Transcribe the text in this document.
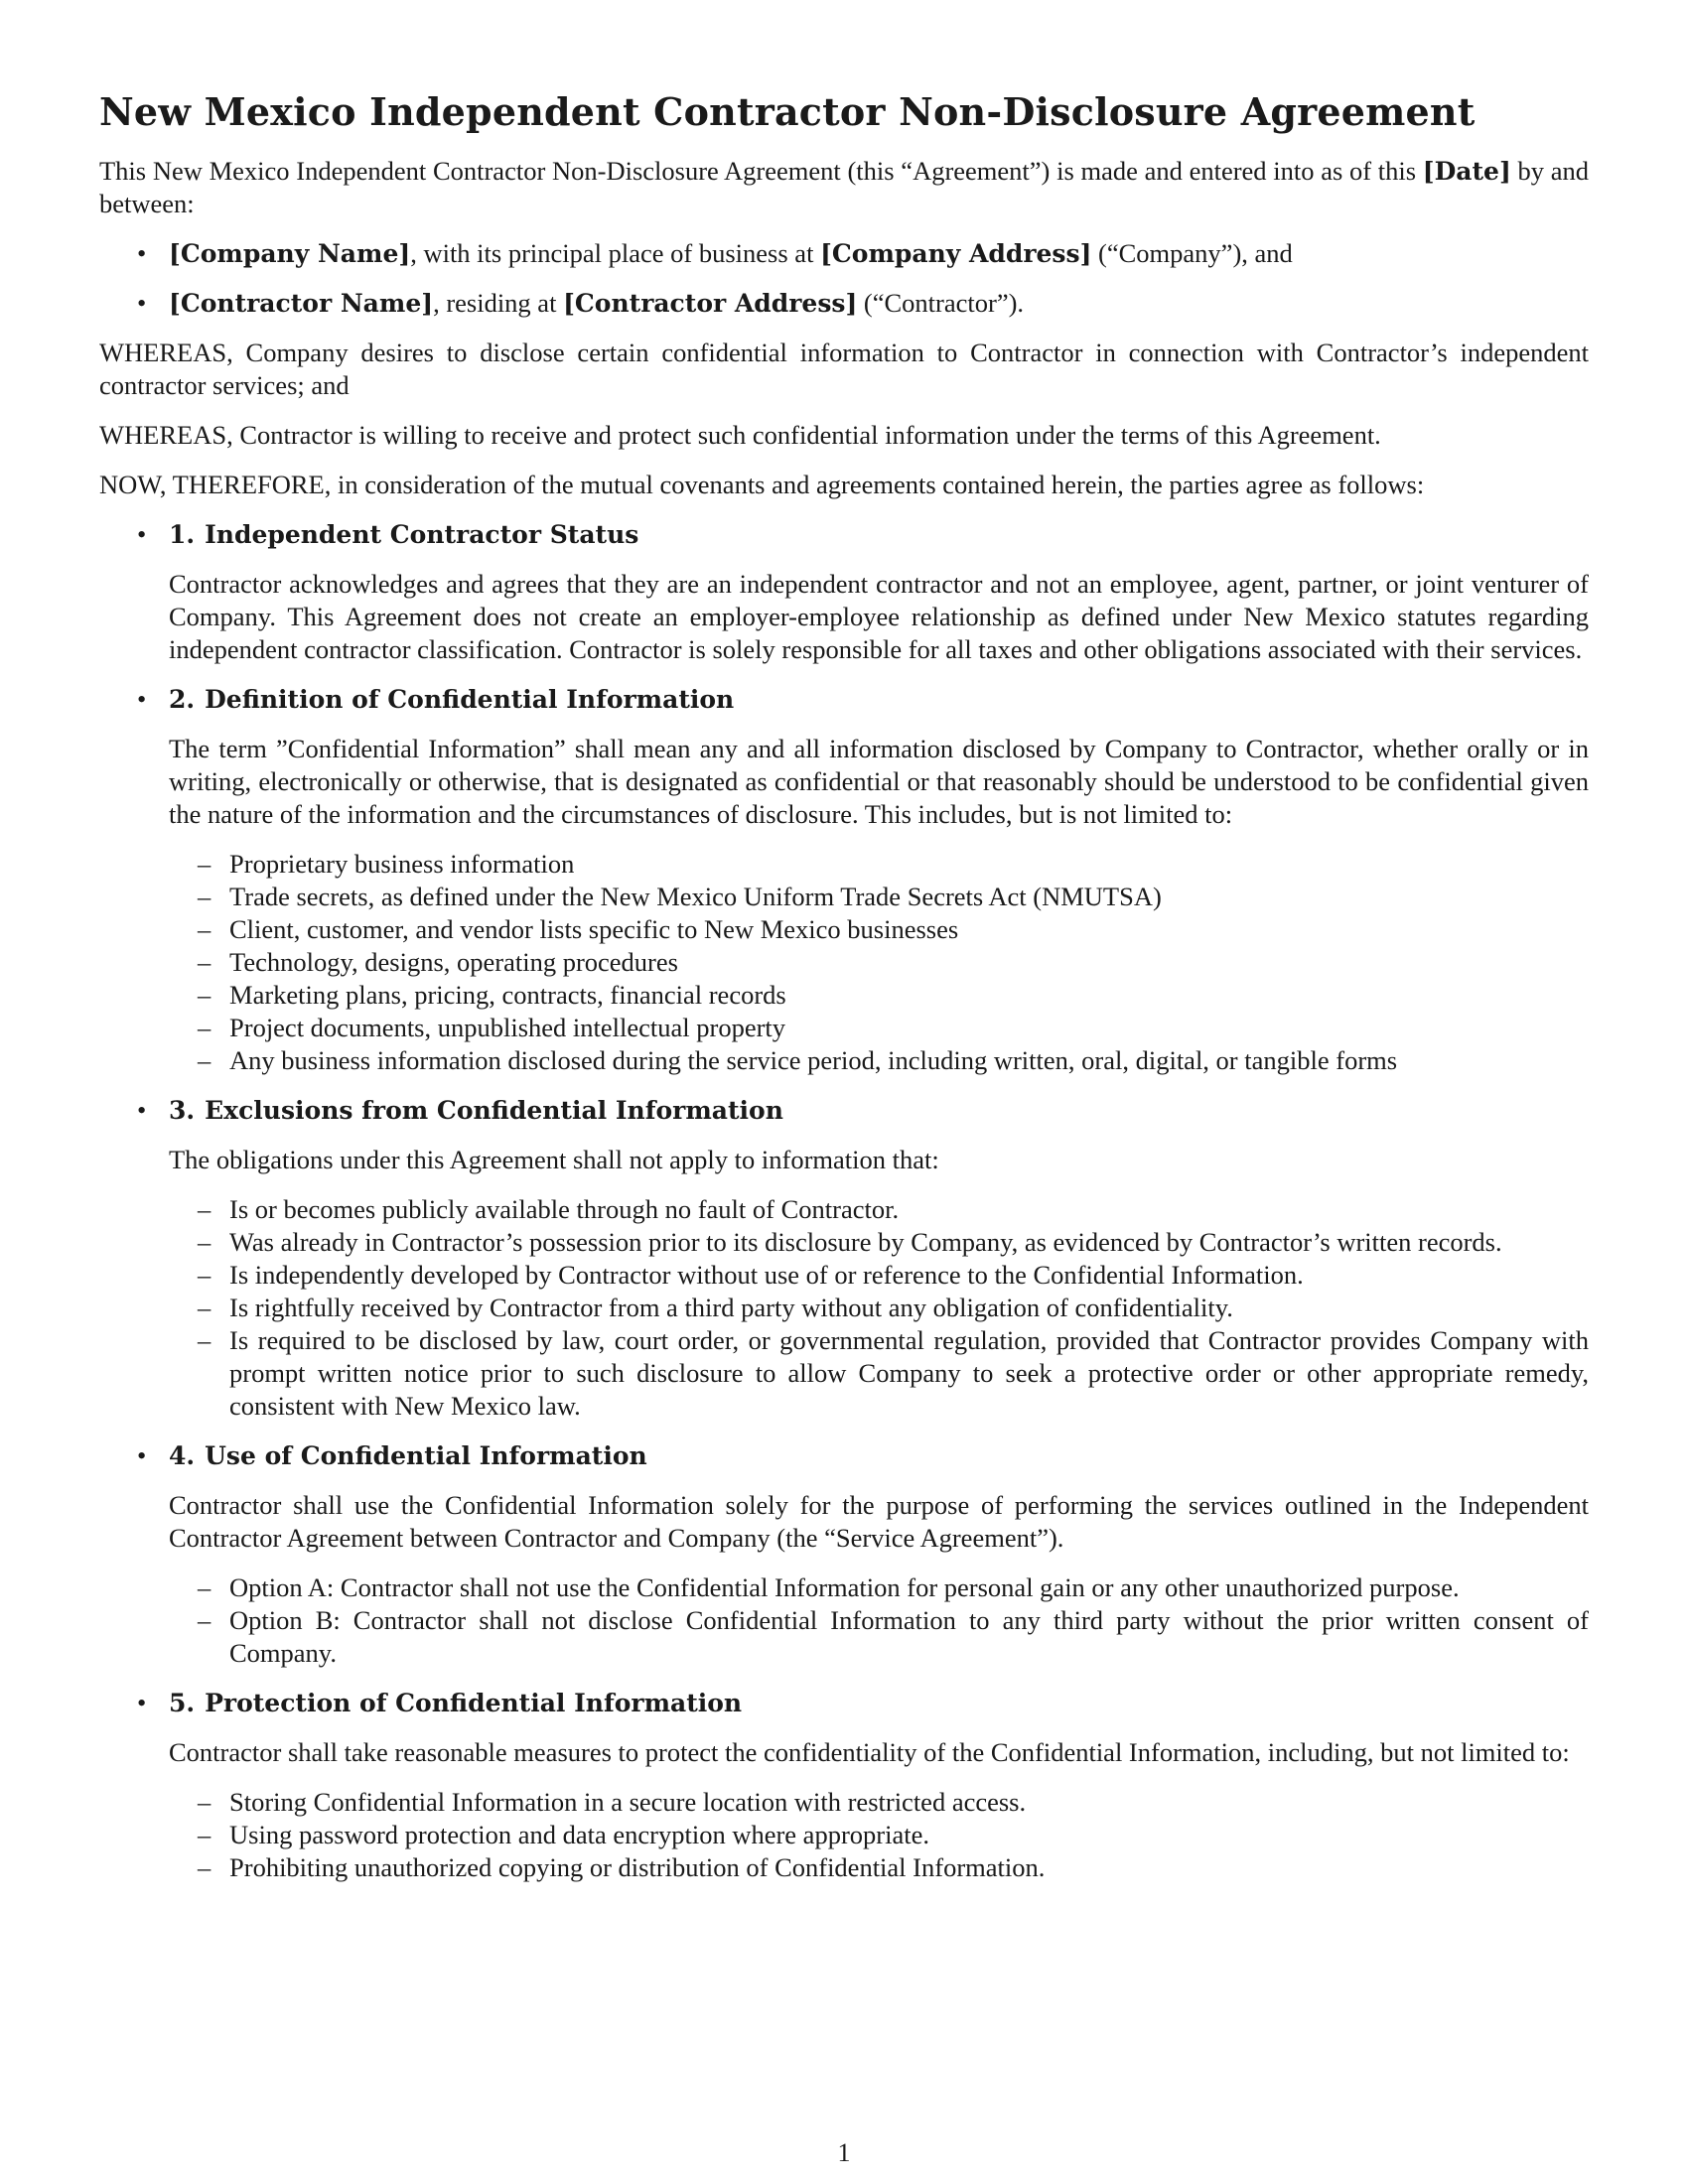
New Mexico Independent Contractor Non-Disclosure Agreement

This New Mexico Independent Contractor Non-Disclosure Agreement (this “Agreement”) is made and entered into as of this [Date] by and between:

• [Company Name], with its principal place of business at [Company Address] (“Company”), and
• [Contractor Name], residing at [Contractor Address] (“Contractor”).

WHEREAS, Company desires to disclose certain confidential information to Contractor in connection with Contractor’s independent contractor services; and

WHEREAS, Contractor is willing to receive and protect such confidential information under the terms of this Agreement.

NOW, THEREFORE, in consideration of the mutual covenants and agreements contained herein, the parties agree as follows:

• 1. Independent Contractor Status

Contractor acknowledges and agrees that they are an independent contractor and not an employee, agent, partner, or joint venturer of Company. This Agreement does not create an employer-employee relationship as defined under New Mexico statutes regarding independent contractor classification. Contractor is solely responsible for all taxes and other obligations associated with their services.

• 2. Definition of Confidential Information

The term ”Confidential Information” shall mean any and all information disclosed by Company to Contractor, whether orally or in writing, electronically or otherwise, that is designated as confidential or that reasonably should be understood to be confidential given the nature of the information and the circumstances of disclosure. This includes, but is not limited to:

– Proprietary business information
– Trade secrets, as defined under the New Mexico Uniform Trade Secrets Act (NMUTSA)
– Client, customer, and vendor lists specific to New Mexico businesses
– Technology, designs, operating procedures
– Marketing plans, pricing, contracts, financial records
– Project documents, unpublished intellectual property
– Any business information disclosed during the service period, including written, oral, digital, or tangible forms
• 3. Exclusions from Confidential Information

The obligations under this Agreement shall not apply to information that:

– Is or becomes publicly available through no fault of Contractor.
– Was already in Contractor’s possession prior to its disclosure by Company, as evidenced by Contractor’s written records.
– Is independently developed by Contractor without use of or reference to the Confidential Information.
– Is rightfully received by Contractor from a third party without any obligation of confidentiality.
– Is required to be disclosed by law, court order, or governmental regulation, provided that Contractor provides Company with prompt written notice prior to such disclosure to allow Company to seek a protective order or other appropriate remedy, consistent with New Mexico law.
• 4. Use of Confidential Information

Contractor shall use the Confidential Information solely for the purpose of performing the services outlined in the Independent Contractor Agreement between Contractor and Company (the “Service Agreement”).

– Option A: Contractor shall not use the Confidential Information for personal gain or any other unauthorized purpose.
– Option B: Contractor shall not disclose Confidential Information to any third party without the prior written consent of Company.
• 5. Protection of Confidential Information

Contractor shall take reasonable measures to protect the confidentiality of the Confidential Information, including, but not limited to:

– Storing Confidential Information in a secure location with restricted access.
– Using password protection and data encryption where appropriate.
– Prohibiting unauthorized copying or distribution of Confidential Information.
1
